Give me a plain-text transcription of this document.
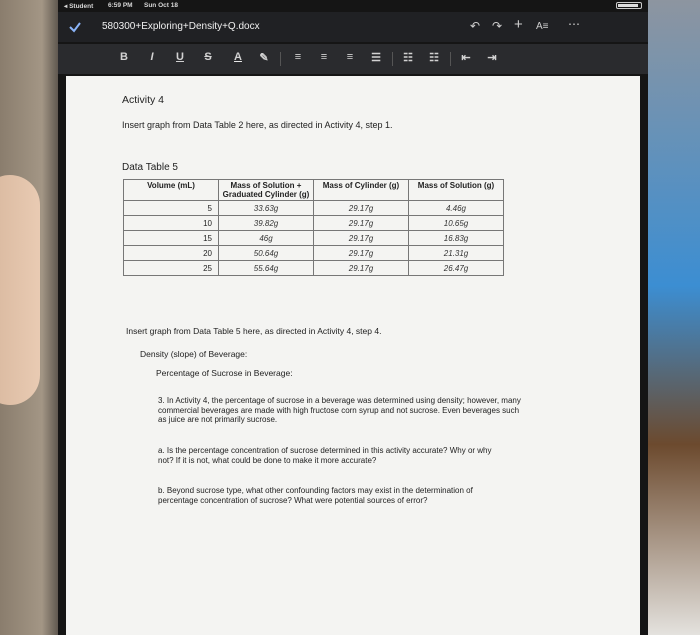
◂ Student 6:59 PM Sun Oct 18
580300+Exploring+Density+Q.docx	↶ ↷ + A≡ ⋯
B	I	U	S	A	✎	≡	≡	≡	☰ ☷ ☷	⇤	⇥
Activity 4
Insert graph from Data Table 2 here, as directed in Activity 4, step 1.
Data Table 5
Volume (mL)	Mass of Solution + Graduated Cylinder (g)	Mass of Cylinder (g)	Mass of Solution (g)
5	33.63g	29.17g	4.46g
10	39.82g	29.17g	10.65g
15	46g	29.17g	16.83g
20	50.64g	29.17g	21.31g
25	55.64g	29.17g	26.47g
Insert graph from Data Table 5 here, as directed in Activity 4, step 4.
Density (slope) of Beverage:
Percentage of Sucrose in Beverage:
3. In Activity 4, the percentage of sucrose in a beverage was determined using density; however, many commercial beverages are made with high fructose corn syrup and not sucrose. Even beverages such as juice are not primarily sucrose.
a. Is the percentage concentration of sucrose determined in this activity accurate? Why or why not? If it is not, what could be done to make it more accurate?
b. Beyond sucrose type, what other confounding factors may exist in the determination of percentage concentration of sucrose? What were potential sources of error?
